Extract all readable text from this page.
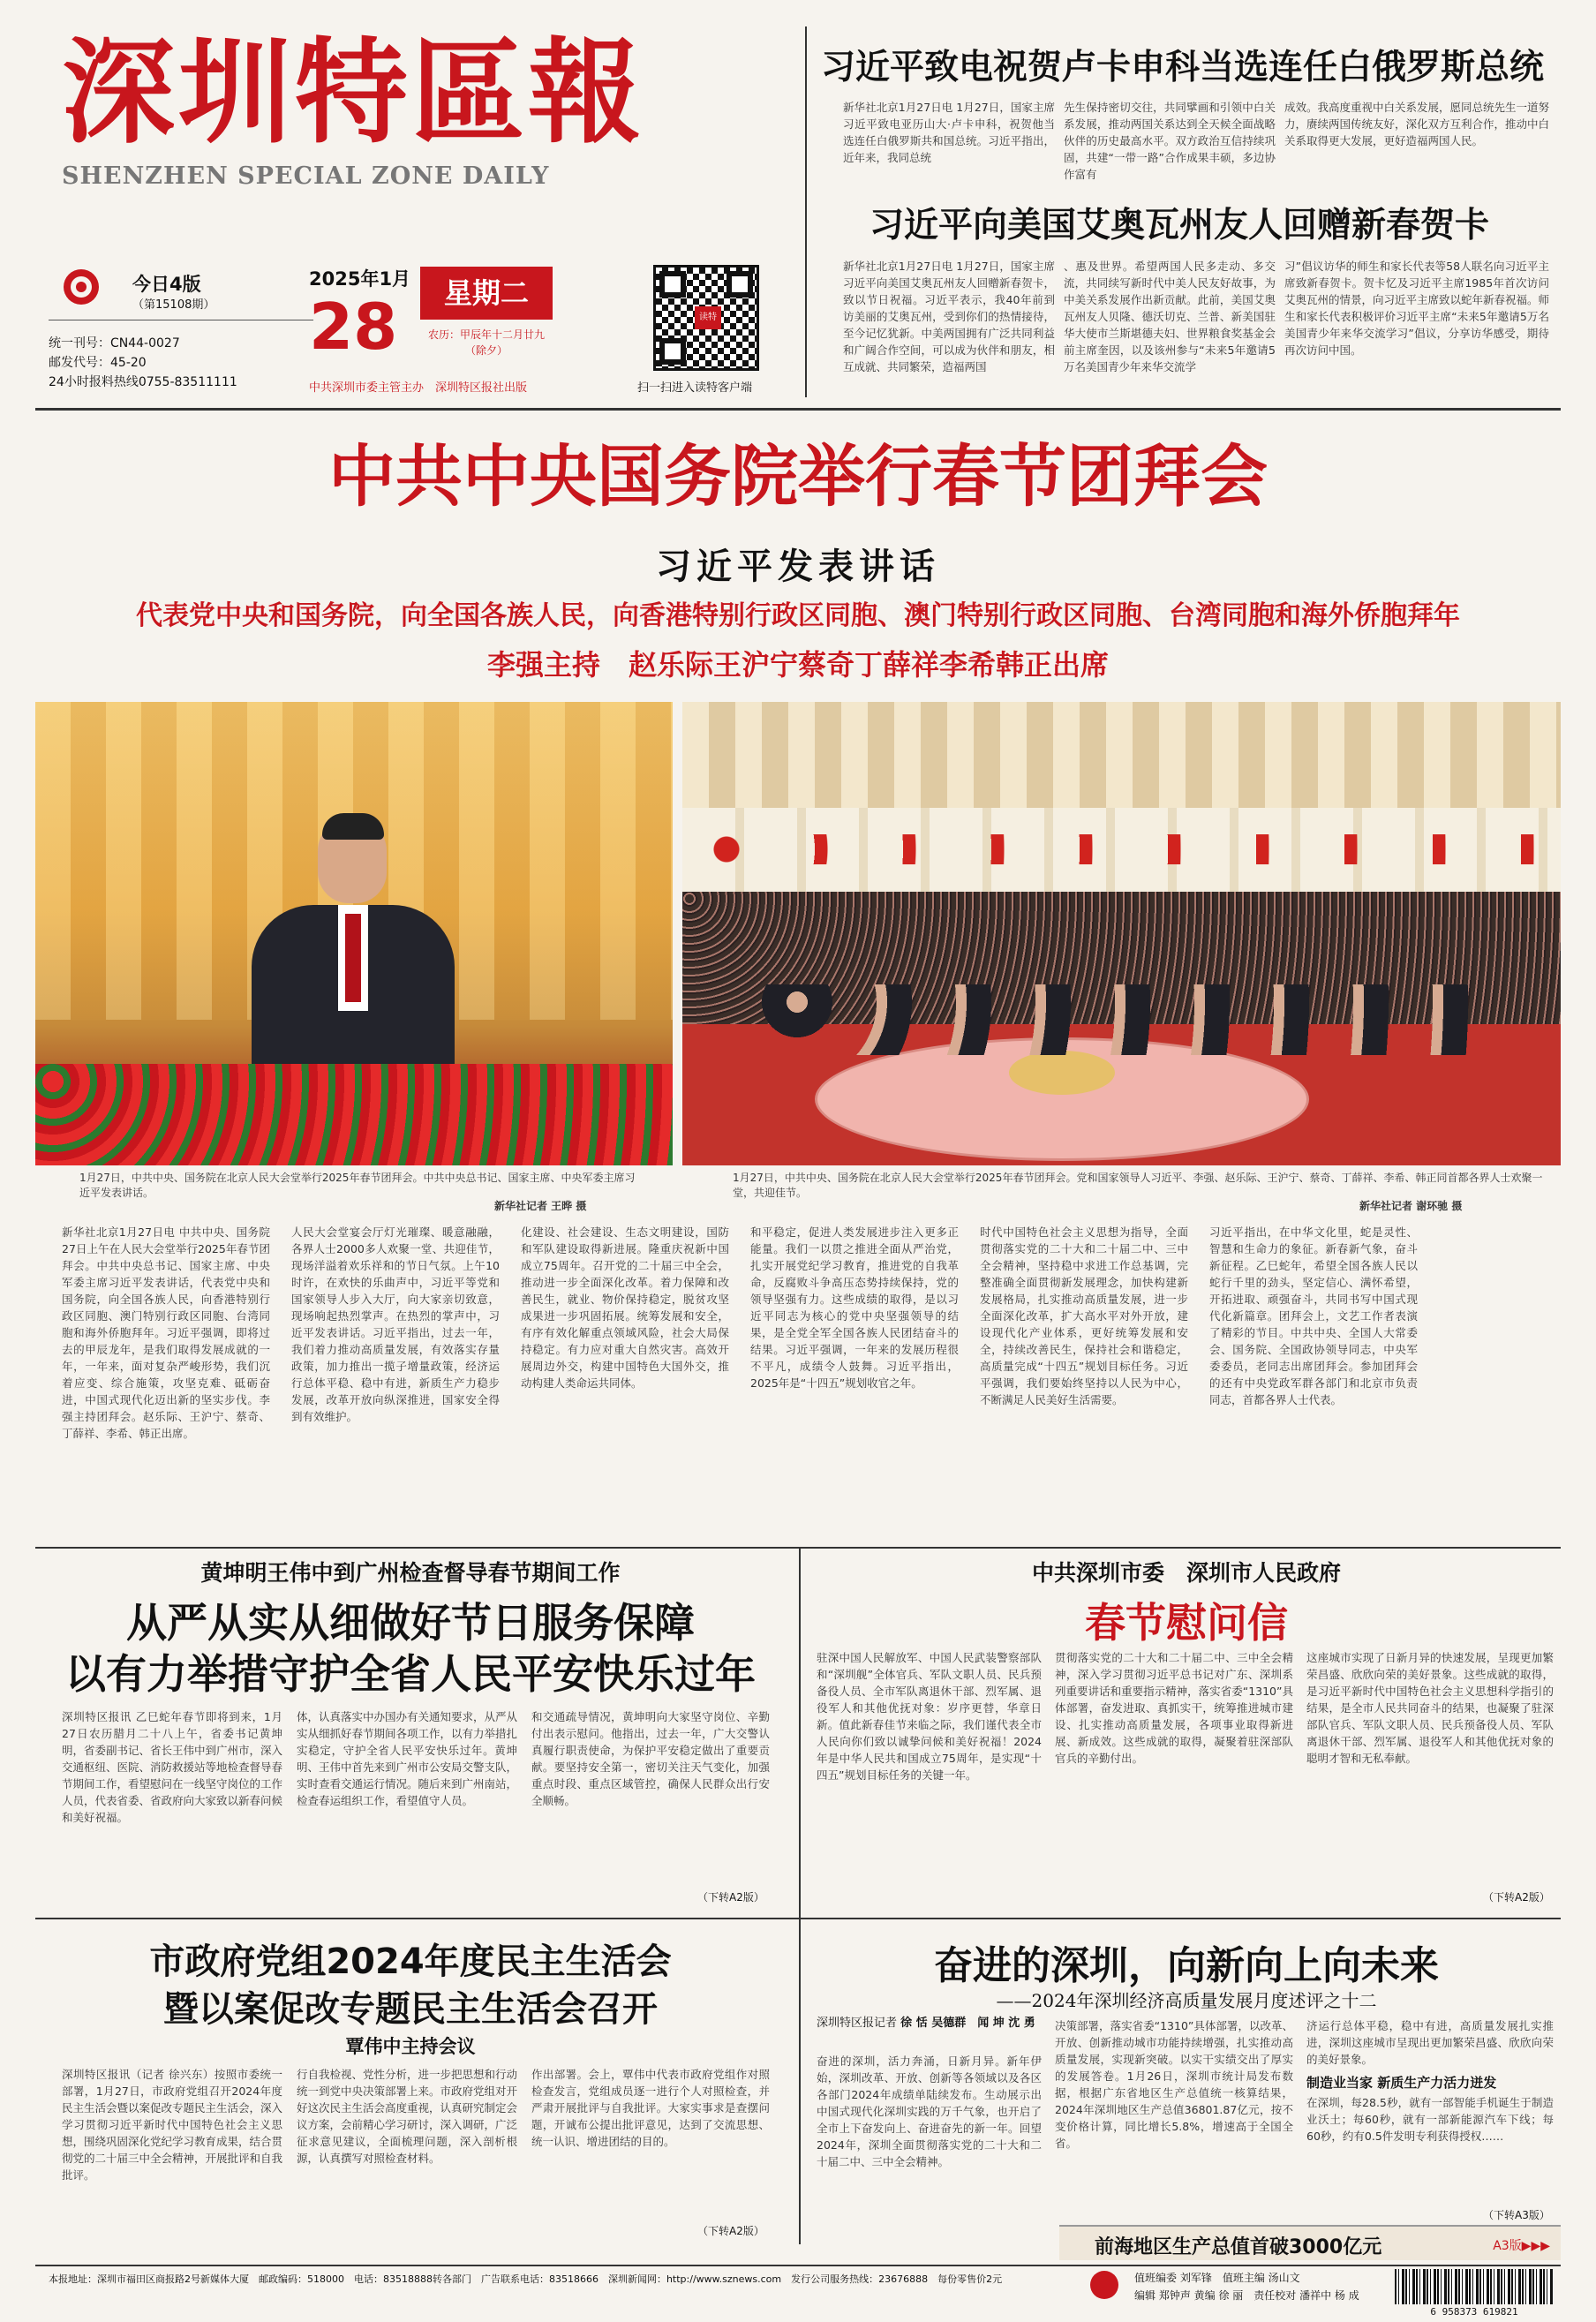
深圳特區報
SHENZHEN SPECIAL ZONE DAILY
今日4版
（第15108期）
统一刊号：CN44-0027
邮发代号：45-20
24小时报料热线0755-83511111
2025年1月
28	星期二
农历：甲辰年十二月廿九
（除夕）
中共深圳市委主管主办　深圳特区报社出版
读特
扫一扫进入读特客户端
习近平致电祝贺卢卡申科当选连任白俄罗斯总统
新华社北京1月27日电 1月27日，国家主席习近平致电亚历山大·卢卡申科，祝贺他当选连任白俄罗斯共和国总统。习近平指出，近年来，我同总统
先生保持密切交往，共同擘画和引领中白关系发展，推动两国关系达到全天候全面战略伙伴的历史最高水平。双方政治互信持续巩固，共建“一带一路”合作成果丰硕，多边协作富有
成效。我高度重视中白关系发展，愿同总统先生一道努力，赓续两国传统友好，深化双方互利合作，推动中白关系取得更大发展，更好造福两国人民。
习近平向美国艾奥瓦州友人回赠新春贺卡
新华社北京1月27日电 1月27日，国家主席习近平向美国艾奥瓦州友人回赠新春贺卡，致以节日祝福。习近平表示，我40年前到访美丽的艾奥瓦州，受到你们的热情接待，至今记忆犹新。中美两国拥有广泛共同利益和广阔合作空间，可以成为伙伴和朋友，相互成就、共同繁荣，造福两国
、惠及世界。希望两国人民多走动、多交流，共同续写新时代中美人民友好故事，为中美关系发展作出新贡献。此前，美国艾奥瓦州友人贝隆、德沃切克、兰普、新美国驻华大使市兰斯堪德夫妇、世界粮食奖基金会前主席奎因，以及该州参与“未来5年邀请5万名美国青少年来华交流学
习”倡议访华的师生和家长代表等58人联名向习近平主席致新春贺卡。贺卡忆及习近平主席1985年首次访问艾奥瓦州的情景，向习近平主席致以蛇年新春祝福。师生和家长代表积极评价习近平主席“未来5年邀请5万名美国青少年来华交流学习”倡议，分享访华感受，期待再次访问中国。
中共中央国务院举行春节团拜会
习近平发表讲话
代表党中央和国务院，向全国各族人民，向香港特别行政区同胞、澳门特别行政区同胞、台湾同胞和海外侨胞拜年
李强主持　赵乐际王沪宁蔡奇丁薛祥李希韩正出席
1月27日，中共中央、国务院在北京人民大会堂举行2025年春节团拜会。中共中央总书记、国家主席、中央军委主席习近平发表讲话。
新华社记者 王晔 摄
1月27日，中共中央、国务院在北京人民大会堂举行2025年春节团拜会。党和国家领导人习近平、李强、赵乐际、王沪宁、蔡奇、丁薛祥、李希、韩正同首都各界人士欢聚一堂，共迎佳节。
新华社记者 谢环驰 摄
新华社北京1月27日电 中共中央、国务院27日上午在人民大会堂举行2025年春节团拜会。中共中央总书记、国家主席、中央军委主席习近平发表讲话，代表党中央和国务院，向全国各族人民，向香港特别行政区同胞、澳门特别行政区同胞、台湾同胞和海外侨胞拜年。习近平强调，即将过去的甲辰龙年，是我们取得发展成就的一年，一年来，面对复杂严峻形势，我们沉着应变、综合施策，攻坚克难、砥砺奋进，中国式现代化迈出新的坚实步伐。李强主持团拜会。赵乐际、王沪宁、蔡奇、丁薛祥、李希、韩正出席。
人民大会堂宴会厅灯光璀璨、暖意融融，各界人士2000多人欢聚一堂、共迎佳节，现场洋溢着欢乐祥和的节日气氛。上午10时许，在欢快的乐曲声中，习近平等党和国家领导人步入大厅，向大家亲切致意，现场响起热烈掌声。在热烈的掌声中，习近平发表讲话。习近平指出，过去一年，我们着力推动高质量发展，有效落实存量政策，加力推出一揽子增量政策，经济运行总体平稳、稳中有进，新质生产力稳步发展，改革开放向纵深推进，国家安全得到有效维护。
化建设、社会建设、生态文明建设，国防和军队建设取得新进展。隆重庆祝新中国成立75周年。召开党的二十届三中全会，推动进一步全面深化改革。着力保障和改善民生，就业、物价保持稳定，脱贫攻坚成果进一步巩固拓展。统筹发展和安全，有序有效化解重点领域风险，社会大局保持稳定。有力应对重大自然灾害。高效开展周边外交，构建中国特色大国外交，推动构建人类命运共同体。
和平稳定，促进人类发展进步注入更多正能量。我们一以贯之推进全面从严治党，扎实开展党纪学习教育，推进党的自我革命，反腐败斗争高压态势持续保持，党的领导坚强有力。这些成绩的取得，是以习近平同志为核心的党中央坚强领导的结果，是全党全军全国各族人民团结奋斗的结果。习近平强调，一年来的发展历程很不平凡，成绩令人鼓舞。习近平指出，2025年是“十四五”规划收官之年。
时代中国特色社会主义思想为指导，全面贯彻落实党的二十大和二十届二中、三中全会精神，坚持稳中求进工作总基调，完整准确全面贯彻新发展理念，加快构建新发展格局，扎实推动高质量发展，进一步全面深化改革，扩大高水平对外开放，建设现代化产业体系，更好统筹发展和安全，持续改善民生，保持社会和谐稳定，高质量完成“十四五”规划目标任务。习近平强调，我们要始终坚持以人民为中心，不断满足人民美好生活需要。
习近平指出，在中华文化里，蛇是灵性、智慧和生命力的象征。新春新气象，奋斗新征程。乙巳蛇年，希望全国各族人民以蛇行千里的劲头，坚定信心、满怀希望，开拓进取、顽强奋斗，共同书写中国式现代化新篇章。团拜会上，文艺工作者表演了精彩的节目。中共中央、全国人大常委会、国务院、全国政协领导同志，中央军委委员，老同志出席团拜会。参加团拜会的还有中央党政军群各部门和北京市负责同志，首都各界人士代表。
黄坤明王伟中到广州检查督导春节期间工作
从严从实从细做好节日服务保障
以有力举措守护全省人民平安快乐过年
深圳特区报讯 乙巳蛇年春节即将到来，1月27日农历腊月二十八上午，省委书记黄坤明，省委副书记、省长王伟中到广州市，深入交通枢纽、医院、消防救援站等地检查督导春节期间工作，看望慰问在一线坚守岗位的工作人员，代表省委、省政府向大家致以新春问候和美好祝福。
体，认真落实中办国办有关通知要求，从严从实从细抓好春节期间各项工作，以有力举措扎实稳定，守护全省人民平安快乐过年。黄坤明、王伟中首先来到广州市公安局交警支队，实时查看交通运行情况。随后来到广州南站，检查春运组织工作，看望值守人员。
和交通疏导情况，黄坤明向大家坚守岗位、辛勤付出表示慰问。他指出，过去一年，广大交警认真履行职责使命，为保护平安稳定做出了重要贡献。要坚持安全第一，密切关注天气变化，加强重点时段、重点区域管控，确保人民群众出行安全顺畅。
（下转A2版）
中共深圳市委　深圳市人民政府
春节慰问信
驻深中国人民解放军、中国人民武装警察部队和“深圳舰”全体官兵、军队文职人员、民兵预备役人员、全市军队离退休干部、烈军属、退役军人和其他优抚对象：岁序更替，华章日新。值此新春佳节来临之际，我们谨代表全市人民向你们致以诚挚问候和美好祝福！2024年是中华人民共和国成立75周年，是实现“十四五”规划目标任务的关键一年。
贯彻落实党的二十大和二十届二中、三中全会精神，深入学习贯彻习近平总书记对广东、深圳系列重要讲话和重要指示精神，落实省委“1310”具体部署，奋发进取、真抓实干，统筹推进城市建设、扎实推动高质量发展，各项事业取得新进展、新成效。这些成就的取得，凝聚着驻深部队官兵的辛勤付出。
这座城市实现了日新月异的快速发展，呈现更加繁荣昌盛、欣欣向荣的美好景象。这些成就的取得，是习近平新时代中国特色社会主义思想科学指引的结果，是全市人民共同奋斗的结果，也凝聚了驻深部队官兵、军队文职人员、民兵预备役人员、军队离退休干部、烈军属、退役军人和其他优抚对象的聪明才智和无私奉献。
（下转A2版）
市政府党组2024年度民主生活会
暨以案促改专题民主生活会召开
覃伟中主持会议
深圳特区报讯（记者 徐兴东）按照市委统一部署，1月27日，市政府党组召开2024年度民主生活会暨以案促改专题民主生活会，深入学习贯彻习近平新时代中国特色社会主义思想，围绕巩固深化党纪学习教育成果，结合贯彻党的二十届三中全会精神，开展批评和自我批评。
行自我检视、党性分析，进一步把思想和行动统一到党中央决策部署上来。市政府党组对开好这次民主生活会高度重视，认真研究制定会议方案，会前精心学习研讨，深入调研，广泛征求意见建议，全面梳理问题，深入剖析根源，认真撰写对照检查材料。
作出部署。会上，覃伟中代表市政府党组作对照检查发言，党组成员逐一进行个人对照检查，并严肃开展批评与自我批评。大家实事求是查摆问题，开诚布公提出批评意见，达到了交流思想、统一认识、增进团结的目的。
（下转A2版）
奋进的深圳，向新向上向未来
——2024年深圳经济高质量发展月度述评之十二
深圳特区报记者 徐 恬 吴德群　闻 坤 沈 勇
奋进的深圳，活力奔涌，日新月异。新年伊始，深圳改革、开放、创新等各领域以及各区各部门2024年成绩单陆续发布。生动展示出中国式现代化深圳实践的万千气象，也开启了全市上下奋发向上、奋进奋先的新一年。回望2024年，深圳全面贯彻落实党的二十大和二十届二中、三中全会精神。
决策部署，落实省委“1310”具体部署，以改革、开放、创新推动城市功能持续增强，扎实推动高质量发展，实现新突破。以实干实绩交出了厚实的发展答卷。1月26日，深圳市统计局发布数据，根据广东省地区生产总值统一核算结果，2024年深圳地区生产总值36801.87亿元，按不变价格计算，同比增长5.8%，增速高于全国全省。
济运行总体平稳，稳中有进，高质量发展扎实推进，深圳这座城市呈现出更加繁荣昌盛、欣欣向荣的美好景象。
制造业当家 新质生产力活力迸发
在深圳，每28.5秒，就有一部智能手机诞生于制造业沃土；每60秒，就有一部新能源汽车下线；每60秒，约有0.5件发明专利获得授权……
（下转A3版）
前海地区生产总值首破3000亿元	A3版▶▶▶
本报地址：深圳市福田区商报路2号新媒体大厦　邮政编码：518000　电话：83518888转各部门　广告联系电话：83518666　深圳新闻网：http://www.sznews.com　发行公司服务热线：23676888　每份零售价2元	值班编委 刘军锋　值班主编 汤山文
编辑 郑钟声 黄编 徐 丽　责任校对 潘祥中 杨 成
6 958373 619821
